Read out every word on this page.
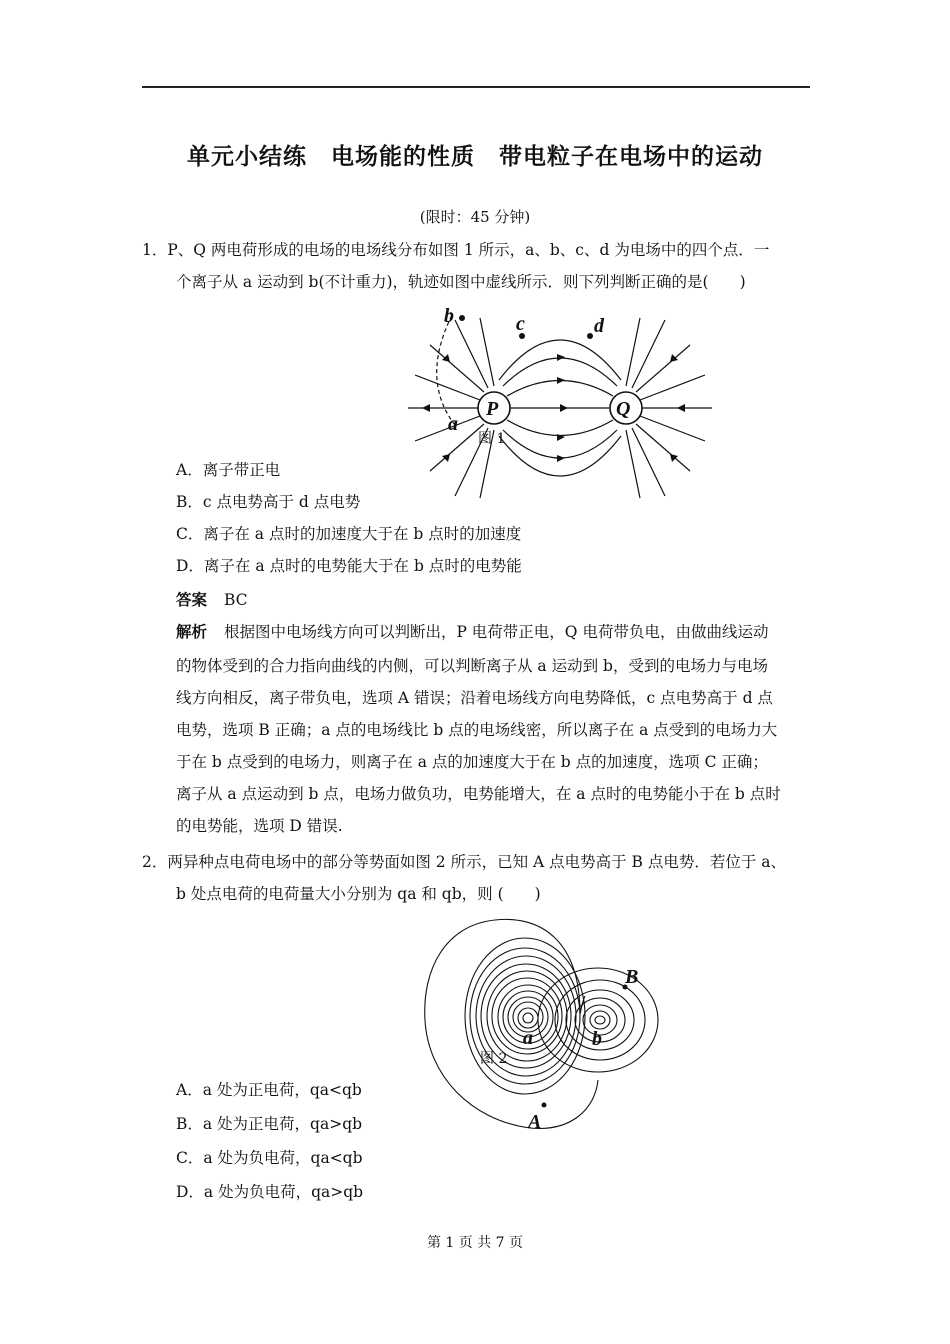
单元小结练　电场能的性质　带电粒子在电场中的运动
(限时：45 分钟)
1．P、Q 两电荷形成的电场的电场线分布如图 1 所示，a、b、c、d 为电场中的四个点．一
个离子从 a 运动到 b(不计重力)，轨迹如图中虚线所示．则下列判断正确的是(　　)
P	Q
b	c	d
a
图 1
A．离子带正电
B．c 点电势高于 d 点电势
C．离子在 a 点时的加速度大于在 b 点时的加速度
D．离子在 a 点时的电势能大于在 b 点时的电势能
答案 BC
解析 根据图中电场线方向可以判断出，P 电荷带正电，Q 电荷带负电，由做曲线运动
的物体受到的合力指向曲线的内侧，可以判断离子从 a 运动到 b，受到的电场力与电场
线方向相反，离子带负电，选项 A 错误；沿着电场线方向电势降低，c 点电势高于 d 点
电势，选项 B 正确；a 点的电场线比 b 点的电场线密，所以离子在 a 点受到的电场力大
于在 b 点受到的电场力，则离子在 a 点的加速度大于在 b 点的加速度，选项 C 正确；
离子从 a 点运动到 b 点，电场力做负功，电势能增大，在 a 点时的电势能小于在 b 点时
的电势能，选项 D 错误.
2．两异种点电荷电场中的部分等势面如图 2 所示，已知 A 点电势高于 B 点电势．若位于 a、
b 处点电荷的电荷量大小分别为 qa 和 qb，则 (　　)
B
A
a	b
图 2
A．a 处为正电荷，qa<qb
B．a 处为正电荷，qa>qb
C．a 处为负电荷，qa<qb
D．a 处为负电荷，qa>qb
第 1 页 共 7 页
